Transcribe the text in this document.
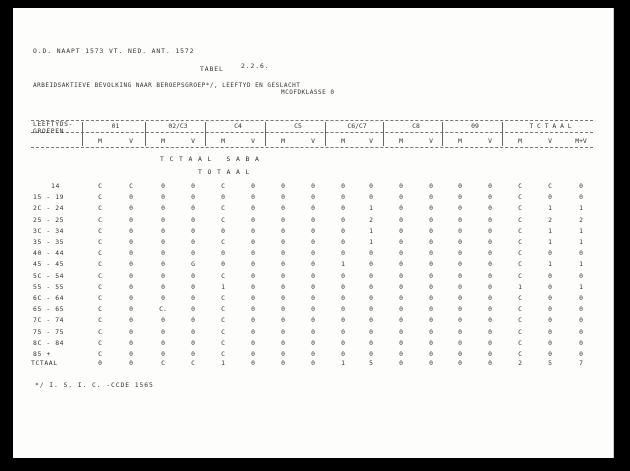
O.D. NAAPT 1573 VT. NED. ANT. 1572
TABEL	2.2.6.
ARBEIDSAKTIEVE BEVOLKING NAAR BEROEPSGROEP*/, LEEFTYD EN GESLACHT
MCOFDKLASSE 0
LEEFTYDS-
GROEPEN
01	02/C3	C4	C5	C6/C7	C8	09	T C T A A L
M	V	M	V	M	V	M	V	M	V	M	V	M	V	M	V	M+V
14	C	C	0	0	C	0	0	0	0	0	0	0	0	0	C	C	0
15 - 19	C	0	0	0	0	0	0	0	0	0	0	0	0	0	C	0	0
2C - 24	C	0	0	0	C	0	0	0	0	1	0	0	0	0	C	1	1
25 - 25	C	0	0	0	C	0	0	0	0	2	0	0	0	0	C	2	2
3C - 34	C	0	0	0	0	0	0	0	0	1	0	0	0	0	C	1	1
35 - 35	C	0	0	0	C	0	0	0	0	1	0	0	0	0	C	1	1
40 - 44	C	0	0	0	0	0	0	0	0	0	0	0	0	0	C	0	0
45 - 45	C	0	0	G	0	0	0	0	1	0	0	0	0	0	C	1	1
5C - 54	C	0	0	0	C	0	0	0	0	0	0	0	0	0	C	0	0
55 - 55	C	0	0	0	1	0	0	0	0	0	0	0	0	0	1	0	1
6C - 64	C	0	0	0	C	0	0	0	0	0	0	0	0	0	C	0	0
65 - 65	C	0	C.	0	C	0	0	0	0	0	0	0	0	0	C	0	0
7C - 74	C	0	0	0	C	0	0	0	0	0	0	0	0	0	C	0	0
75 - 75	C	0	0	0	C	0	0	0	0	0	0	0	0	0	C	0	0
8C - 84	C	0	0	0	C	0	0	0	0	0	0	0	0	0	C	0	0
85 +	C	0	0	0	C	0	0	0	0	0	0	0	0	0	C	0	0
TCTAAL	0	0	C	C	1	0	0	0	1	5	0	0	0	0	2	5	7
T C T A A L   S A B A
T O T A A L
*/ I. S. I. C. -CCDE 1565
